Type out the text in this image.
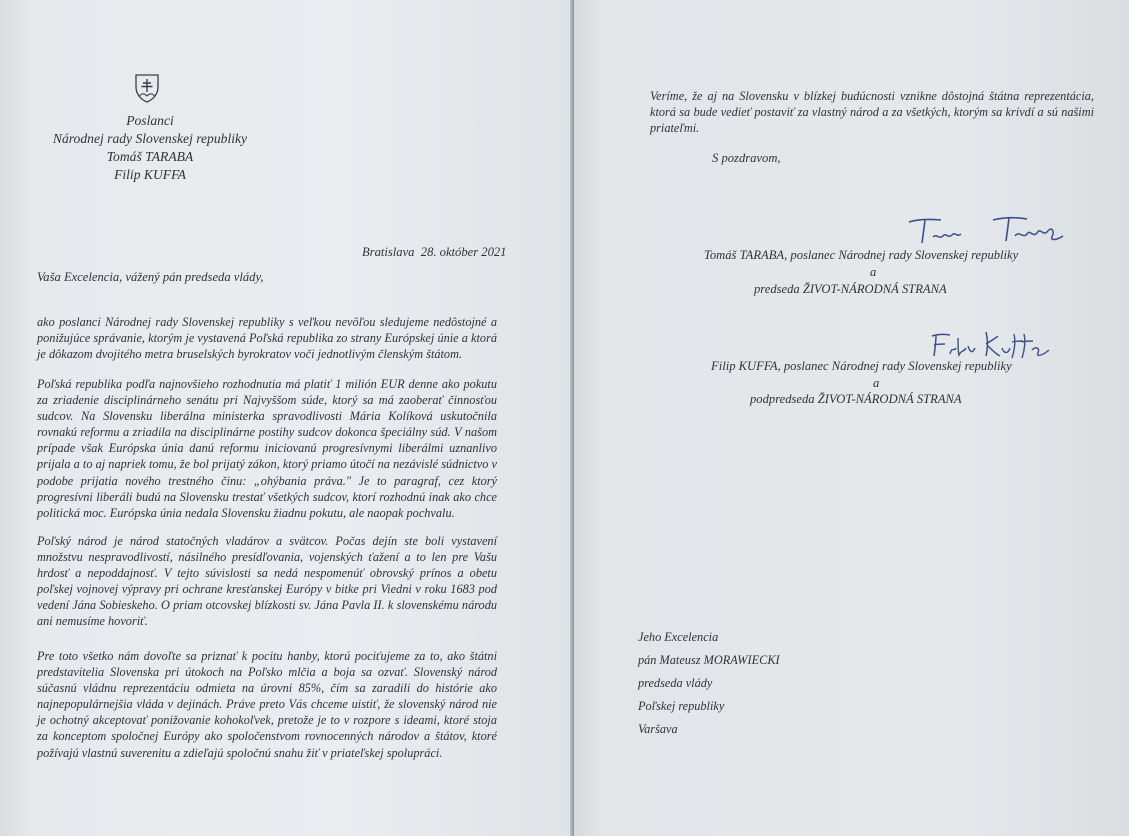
Poslanci
Národnej rady Slovenskej republiky
Tomáš TARABA
Filip KUFFA
Bratislava  28. október 2021
Vaša Excelencia, vážený pán predseda vlády,

ako poslanci Národnej rady Slovenskej republiky s veľkou nevôľou sledujeme nedôstojné a ponižujúce správanie, ktorým je vystavená Poľská republika zo strany Európskej únie a ktorá je dôkazom dvojitého metra bruselských byrokratov voči jednotlivým členským štátom.

Poľská republika podľa najnovšieho rozhodnutia má platiť 1 milión EUR denne ako pokutu za zriadenie disciplinárneho senátu pri Najvyššom súde, ktorý sa má zaoberať činnosťou sudcov. Na Slovensku liberálna ministerka spravodlivosti Mária Kolíková uskutočnila rovnakú reformu a zriadila na disciplinárne postihy sudcov dokonca špeciálny súd. V našom prípade však Európska únia danú reformu iniciovanú progresívnymi liberálmi uznanlivo prijala a to aj napriek tomu, že bol prijatý zákon, ktorý priamo útočí na nezávislé súdnictvo v podobe prijatia nového trestného činu: „ohýbania práva." Je to paragraf, cez ktorý progresívni liberáli budú na Slovensku trestať všetkých sudcov, ktorí rozhodnú inak ako chce politická moc. Európska únia nedala Slovensku žiadnu pokutu, ale naopak pochvalu.

Poľský národ je národ statočných vladárov a svätcov. Počas dejín ste boli vystavení množstvu nespravodlivostí, násilného presídľovania, vojenských ťažení a to len pre Vašu hrdosť a nepoddajnosť. V tejto súvislosti sa nedá nespomenúť obrovský prínos a obetu poľskej vojnovej výpravy pri ochrane kresťanskej Európy v bitke pri Viedni v roku 1683 pod vedení Jána Sobieskeho. O priam otcovskej blízkosti sv. Jána Pavla II. k slovenskému národu ani nemusíme hovoriť.

Pre toto všetko nám dovoľte sa priznať k pocitu hanby, ktorú pociťujeme za to, ako štátni predstavitelia Slovenska pri útokoch na Poľsko mlčia a boja sa ozvať. Slovenský národ súčasnú vládnu reprezentáciu odmieta na úrovni 85%, čím sa zaradili do histórie ako najnepopulárnejšia vláda v dejinách. Práve preto Vás chceme uistiť, že slovenský národ nie je ochotný akceptovať ponižovanie kohokoľvek, pretože je to v rozpore s ideami, ktoré stoja za konceptom spoločnej Európy ako spoločenstvom rovnocenných národov a štátov, ktoré požívajú vlastnú suverenitu a zdieľajú spoločnú snahu žiť v priateľskej spolupráci.

Veríme, že aj na Slovensku v blízkej budúcnosti vznikne dôstojná štátna reprezentácia, ktorá sa bude vedieť postaviť za vlastný národ a za všetkých, ktorým sa krivdí a sú našimi priateľmi.

S pozdravom,
Tomáš TARABA, poslanec Národnej rady Slovenskej republiky
a
predseda ŽIVOT-NÁRODNÁ STRANA
Filip KUFFA, poslanec Národnej rady Slovenskej republiky
a
podpredseda ŽIVOT-NÁRODNÁ STRANA
Jeho Excelencia
pán Mateusz MORAWIECKI
predseda vlády
Poľskej republiky
Varšava
